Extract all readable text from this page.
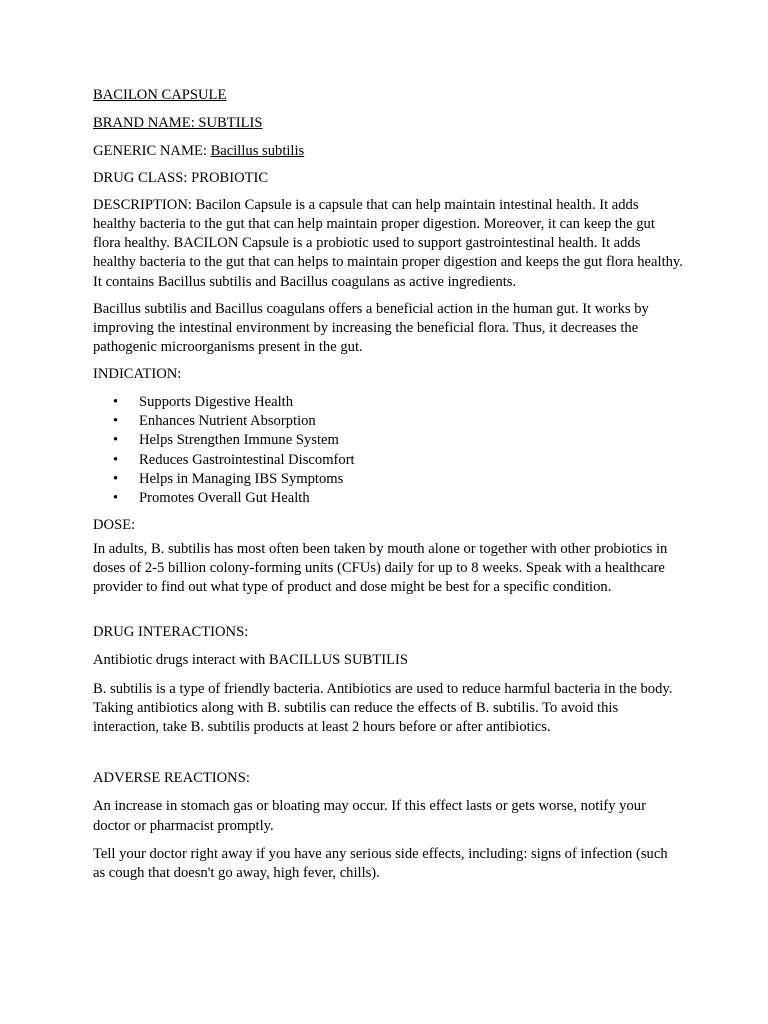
BACILON CAPSULE

BRAND NAME: SUBTILIS

GENERIC NAME: Bacillus subtilis

DRUG CLASS: PROBIOTIC

DESCRIPTION: Bacilon Capsule is a capsule that can help maintain intestinal health. It adds healthy bacteria to the gut that can help maintain proper digestion. Moreover, it can keep the gut flora healthy. BACILON Capsule is a probiotic used to support gastrointestinal health. It adds healthy bacteria to the gut that can helps to maintain proper digestion and keeps the gut flora healthy. It contains Bacillus subtilis and Bacillus coagulans as active ingredients.

Bacillus subtilis and Bacillus coagulans offers a beneficial action in the human gut. It works by improving the intestinal environment by increasing the beneficial flora. Thus, it decreases the pathogenic microorganisms present in the gut.

INDICATION:

• Supports Digestive Health
• Enhances Nutrient Absorption
• Helps Strengthen Immune System
• Reduces Gastrointestinal Discomfort
• Helps in Managing IBS Symptoms
• Promotes Overall Gut Health

DOSE:

In adults, B. subtilis has most often been taken by mouth alone or together with other probiotics in doses of 2-5 billion colony-forming units (CFUs) daily for up to 8 weeks. Speak with a healthcare provider to find out what type of product and dose might be best for a specific condition.

DRUG INTERACTIONS:

Antibiotic drugs interact with BACILLUS SUBTILIS

B. subtilis is a type of friendly bacteria. Antibiotics are used to reduce harmful bacteria in the body. Taking antibiotics along with B. subtilis can reduce the effects of B. subtilis. To avoid this interaction, take B. subtilis products at least 2 hours before or after antibiotics.

ADVERSE REACTIONS:

An increase in stomach gas or bloating may occur. If this effect lasts or gets worse, notify your doctor or pharmacist promptly.

Tell your doctor right away if you have any serious side effects, including: signs of infection (such as cough that doesn't go away, high fever, chills).
